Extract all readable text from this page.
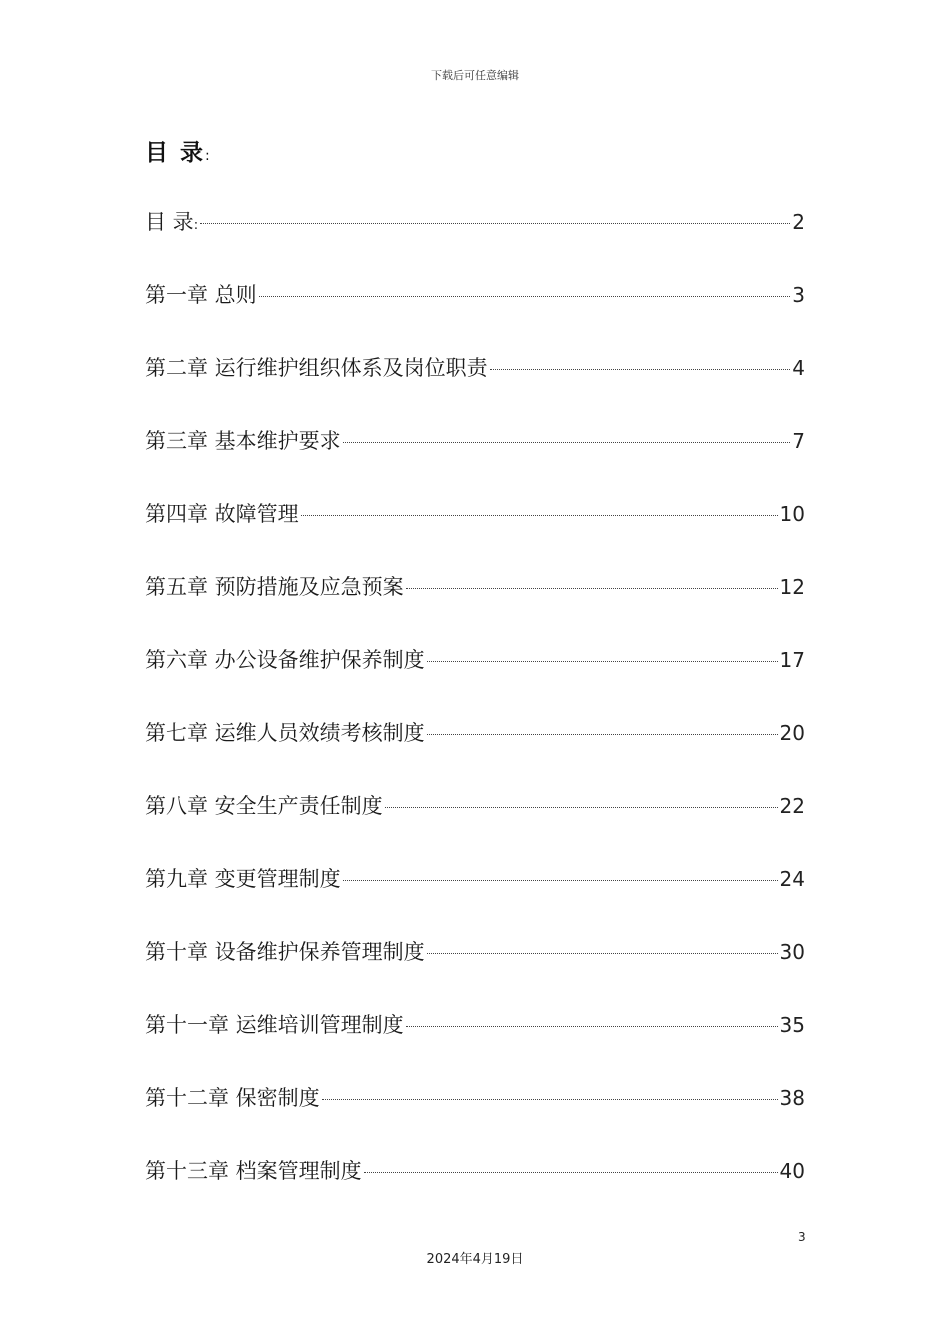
下载后可任意编辑
目 录:
目 录:	2
第一章 总则	3
第二章 运行维护组织体系及岗位职责	4
第三章 基本维护要求	7
第四章 故障管理	10
第五章 预防措施及应急预案	12
第六章 办公设备维护保养制度	17
第七章 运维人员效绩考核制度	20
第八章 安全生产责任制度	22
第九章 变更管理制度	24
第十章 设备维护保养管理制度	30
第十一章 运维培训管理制度	35
第十二章 保密制度	38
第十三章 档案管理制度	40
3
2024年4月19日
